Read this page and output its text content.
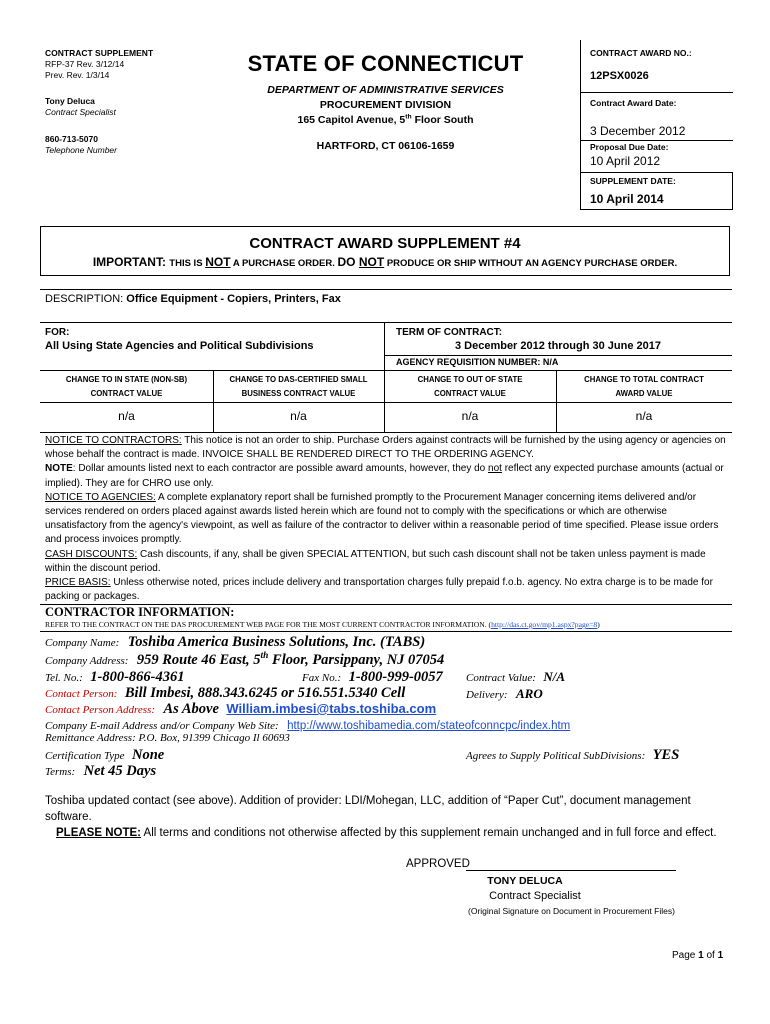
CONTRACT SUPPLEMENT
RFP-37 Rev. 3/12/14
Prev. Rev. 1/3/14
Tony Deluca
Contract Specialist
860-713-5070
Telephone Number
STATE OF CONNECTICUT
DEPARTMENT OF ADMINISTRATIVE SERVICES
PROCUREMENT DIVISION
165 Capitol Avenue, 5th Floor South
HARTFORD, CT 06106-1659
CONTRACT AWARD NO.:
12PSX0026
Contract Award Date:
3 December 2012
Proposal Due Date:
10 April 2012
SUPPLEMENT DATE:
10 April 2014
CONTRACT AWARD SUPPLEMENT #4
IMPORTANT: THIS IS NOT A PURCHASE ORDER. DO NOT PRODUCE OR SHIP WITHOUT AN AGENCY PURCHASE ORDER.
DESCRIPTION: Office Equipment - Copiers, Printers, Fax
FOR:
All Using State Agencies and Political Subdivisions
TERM OF CONTRACT:
3 December 2012 through 30 June 2017
AGENCY REQUISITION NUMBER: N/A
CHANGE TO IN STATE (NON-SB)
CONTRACT VALUE
CHANGE TO DAS-CERTIFIED SMALL
BUSINESS CONTRACT VALUE
CHANGE TO OUT OF STATE
CONTRACT VALUE
CHANGE TO TOTAL CONTRACT
AWARD VALUE
n/a	n/a	n/a	n/a
NOTICE TO CONTRACTORS: This notice is not an order to ship. Purchase Orders against contracts will be furnished by the using agency or agencies on whose behalf the contract is made. INVOICE SHALL BE RENDERED DIRECT TO THE ORDERING AGENCY.
NOTE: Dollar amounts listed next to each contractor are possible award amounts, however, they do not reflect any expected purchase amounts (actual or implied). They are for CHRO use only.
NOTICE TO AGENCIES: A complete explanatory report shall be furnished promptly to the Procurement Manager concerning items delivered and/or services rendered on orders placed against awards listed herein which are found not to comply with the specifications or which are otherwise unsatisfactory from the agency's viewpoint, as well as failure of the contractor to deliver within a reasonable period of time specified. Please issue orders and process invoices promptly.
CASH DISCOUNTS: Cash discounts, if any, shall be given SPECIAL ATTENTION, but such cash discount shall not be taken unless payment is made within the discount period.
PRICE BASIS: Unless otherwise noted, prices include delivery and transportation charges fully prepaid f.o.b. agency. No extra charge is to be made for packing or packages.
CONTRACTOR INFORMATION:
REFER TO THE CONTRACT ON THE DAS PROCUREMENT WEB PAGE FOR THE MOST CURRENT CONTRACTOR INFORMATION. (http://das.ct.gov/mp1.aspx?page=8)
Company Name: Toshiba America Business Solutions, Inc. (TABS)
Company Address: 959 Route 46 East, 5th Floor, Parsippany, NJ 07054
Tel. No.: 1-800-866-4361	Fax No.: 1-800-999-0057 Contract Value: N/A
Contact Person: Bill Imbesi, 888.343.6245 or 516.551.5340 Cell	Delivery: ARO
Contact Person Address: As Above William.imbesi@tabs.toshiba.com
Company E-mail Address and/or Company Web Site: http://www.toshibamedia.com/stateofconncpc/index.htm
Remittance Address: P.O. Box, 91399 Chicago Il 60693
Certification Type None	Agrees to Supply Political SubDivisions: YES
Terms: Net 45 Days
Toshiba updated contact (see above). Addition of provider: LDI/Mohegan, LLC, addition of “Paper Cut”, document management software.
PLEASE NOTE: All terms and conditions not otherwise affected by this supplement remain unchanged and in full force and effect.
APPROVED
TONY DELUCA
Contract Specialist
(Original Signature on Document in Procurement Files)
Page 1 of 1
